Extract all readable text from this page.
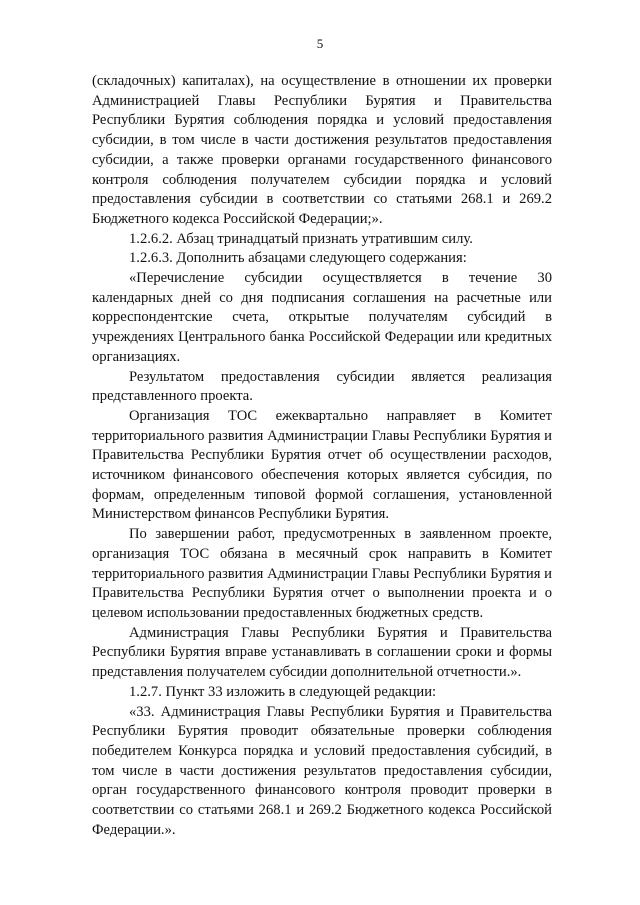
5

(складочных) капиталах), на осуществление в отношении их проверки Администрацией Главы Республики Бурятия и Правительства Республики Бурятия соблюдения порядка и условий предоставления субсидии, в том числе в части достижения результатов предоставления субсидии, а также проверки органами государственного финансового контроля соблюдения получателем субсидии порядка и условий предоставления субсидии в соответствии со статьями 268.1 и 269.2 Бюджетного кодекса Российской Федерации;».

1.2.6.2. Абзац тринадцатый признать утратившим силу.

1.2.6.3. Дополнить абзацами следующего содержания:

«Перечисление субсидии осуществляется в течение 30 календарных дней со дня подписания соглашения на расчетные или корреспондентские счета, открытые получателям субсидий в учреждениях Центрального банка Российской Федерации или кредитных организациях.

Результатом предоставления субсидии является реализация представленного проекта.

Организация ТОС ежеквартально направляет в Комитет территориального развития Администрации Главы Республики Бурятия и Правительства Республики Бурятия отчет об осуществлении расходов, источником финансового обеспечения которых является субсидия, по формам, определенным типовой формой соглашения, установленной Министерством финансов Республики Бурятия.

По завершении работ, предусмотренных в заявленном проекте, организация ТОС обязана в месячный срок направить в Комитет территориального развития Администрации Главы Республики Бурятия и Правительства Республики Бурятия отчет о выполнении проекта и о целевом использовании предоставленных бюджетных средств.

Администрация Главы Республики Бурятия и Правительства Республики Бурятия вправе устанавливать в соглашении сроки и формы представления получателем субсидии дополнительной отчетности.».

1.2.7. Пункт 33 изложить в следующей редакции:

«33. Администрация Главы Республики Бурятия и Правительства Республики Бурятия проводит обязательные проверки соблюдения победителем Конкурса порядка и условий предоставления субсидий, в том числе в части достижения результатов предоставления субсидии, орган государственного финансового контроля проводит проверки в соответствии со статьями 268.1 и 269.2 Бюджетного кодекса Российской Федерации.».
